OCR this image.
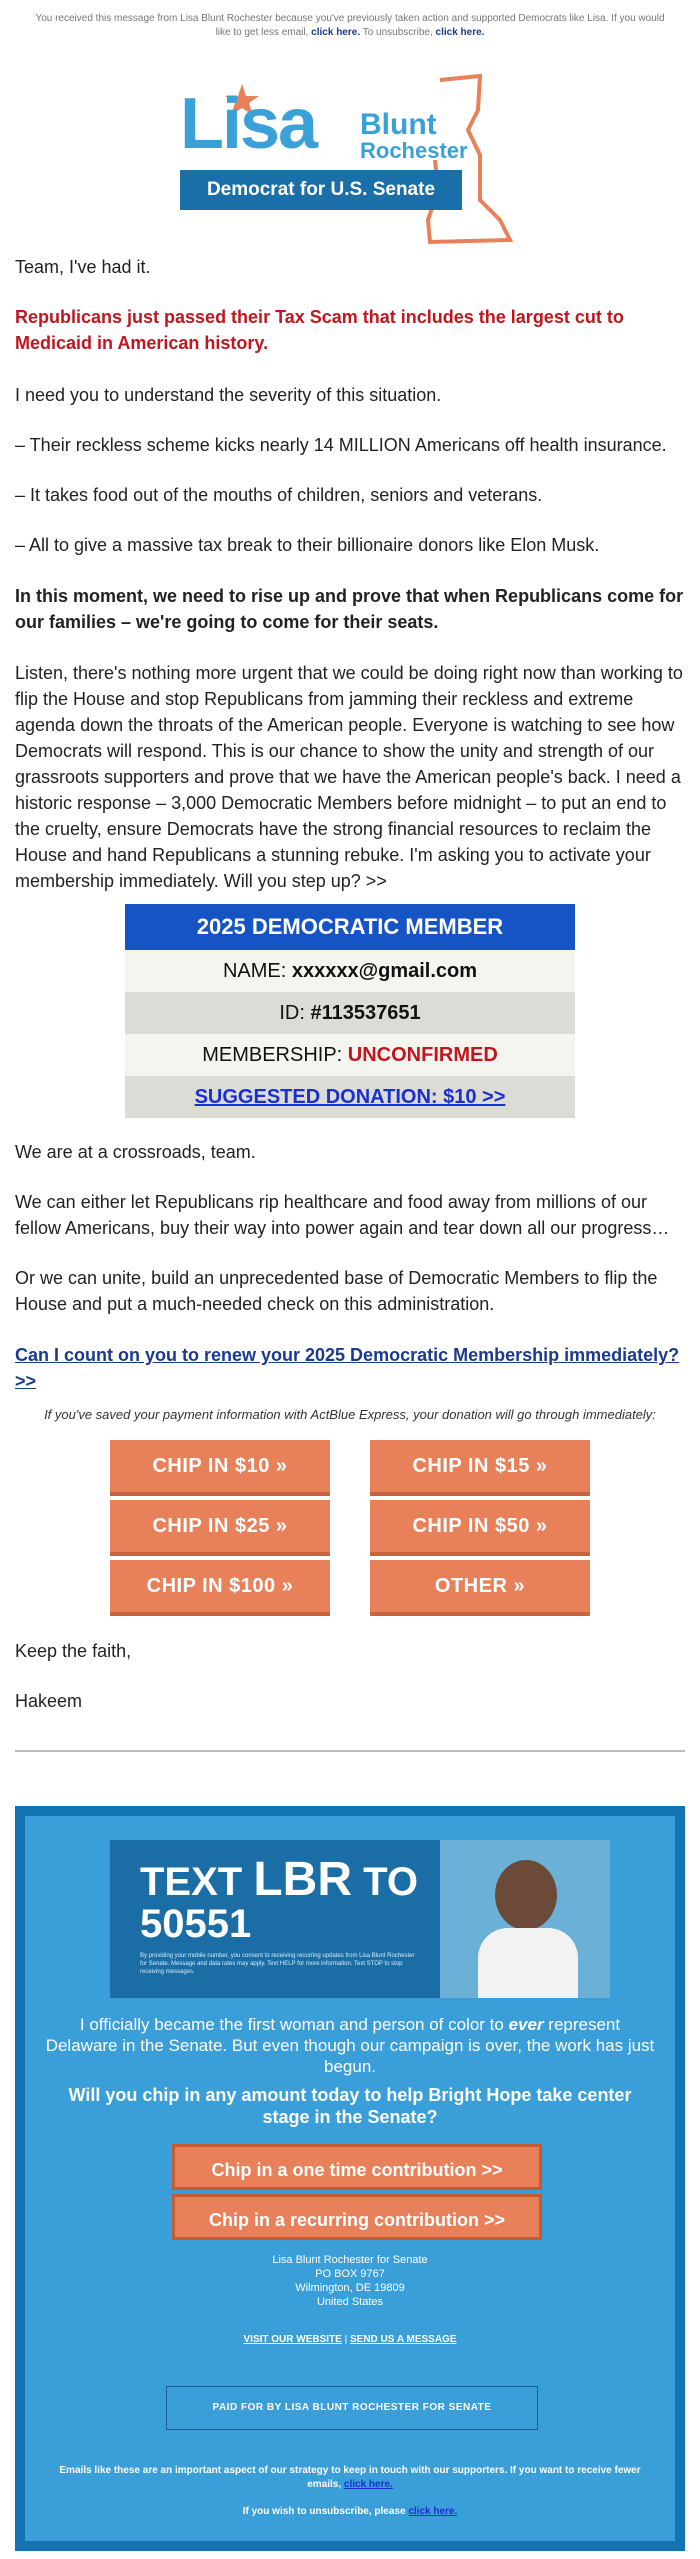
You received this message from Lisa Blunt Rochester because you've previously taken action and supported Democrats like Lisa. If you would like to get less email, click here. To unsubscribe, click here.
Lisa Blunt
Rochester
Democrat for U.S. Senate

Team, I've had it.

Republicans just passed their Tax Scam that includes the largest cut to Medicaid in American history.
I need you to understand the severity of this situation.
– Their reckless scheme kicks nearly 14 MILLION Americans off health insurance.
– It takes food out of the mouths of children, seniors and veterans.
– All to give a massive tax break to their billionaire donors like Elon Musk.
In this moment, we need to rise up and prove that when Republicans come for our families – we're going to come for their seats.
Listen, there's nothing more urgent that we could be doing right now than working to flip the House and stop Republicans from jamming their reckless and extreme agenda down the throats of the American people. Everyone is watching to see how Democrats will respond. This is our chance to show the unity and strength of our grassroots supporters and prove that we have the American people's back. I need a historic response – 3,000 Democratic Members before midnight – to put an end to the cruelty, ensure Democrats have the strong financial resources to reclaim the House and hand Republicans a stunning rebuke. I'm asking you to activate your membership immediately. Will you step up? >>
2025 DEMOCRATIC MEMBER
NAME: xxxxxx@gmail.com
ID: #113537651
MEMBERSHIP: UNCONFIRMED
SUGGESTED DONATION: $10 >>
We are at a crossroads, team.
We can either let Republicans rip healthcare and food away from millions of our fellow Americans, buy their way into power again and tear down all our progress…
Or we can unite, build an unprecedented base of Democratic Members to flip the House and put a much-needed check on this administration.
Can I count on you to renew your 2025 Democratic Membership immediately? >>
If you've saved your payment information with ActBlue Express, your donation will go through immediately:
CHIP IN $10 »	CHIP IN $15 »
CHIP IN $25 »	CHIP IN $50 »
CHIP IN $100 »	OTHER »
Keep the faith,
Hakeem
TEXT LBR TO
50551
By providing your mobile number, you consent to receiving recurring updates from Lisa Blunt Rochester for Senate. Message and data rates may apply. Text HELP for more information. Text STOP to stop receiving messages.
I officially became the first woman and person of color to ever represent Delaware in the Senate. But even though our campaign is over, the work has just begun.
Will you chip in any amount today to help Bright Hope take center stage in the Senate?
Chip in a one time contribution >>
Chip in a recurring contribution >>
Lisa Blunt Rochester for Senate
PO BOX 9767
Wilmington, DE 19809
United States
VISIT OUR WEBSITE | SEND US A MESSAGE
PAID FOR BY LISA BLUNT ROCHESTER FOR SENATE
Emails like these are an important aspect of our strategy to keep in touch with our supporters. If you want to receive fewer emails, click here.
If you wish to unsubscribe, please click here.
